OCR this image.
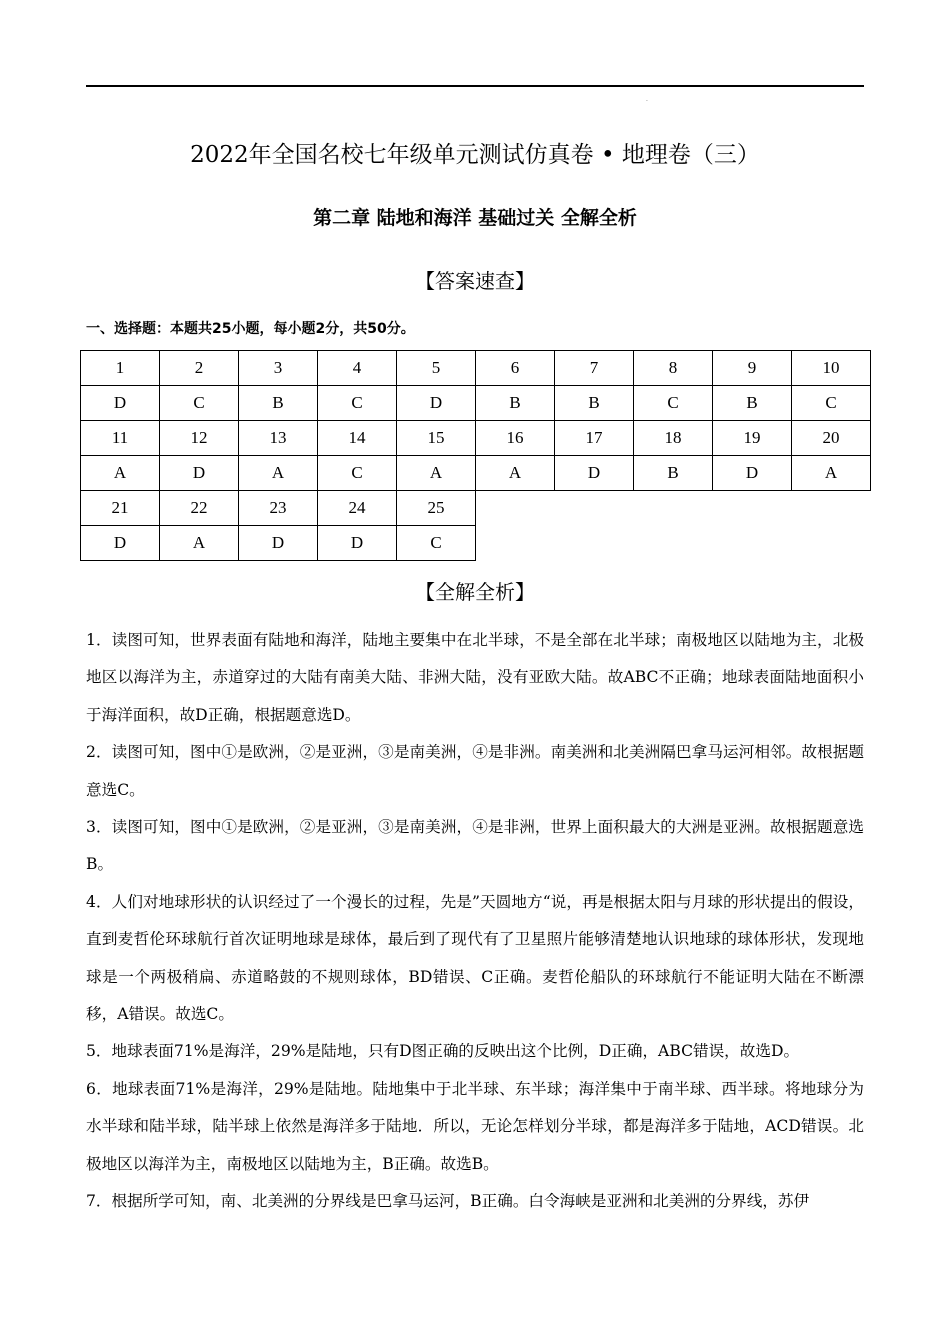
.
2022年全国名校七年级单元测试仿真卷 • 地理卷（三）
第二章 陆地和海洋 基础过关 全解全析
【答案速查】
一、选择题：本题共25小题，每小题2分，共50分。
1	2	3	4	5	6	7	8	9	10
D	C	B	C	D	B	B	C	B	C
11	12	13	14	15	16	17	18	19	20
A	D	A	C	A	A	D	B	D	A
21	22	23	24	25					
D	A	D	D	C					
【全解全析】

1．读图可知，世界表面有陆地和海洋，陆地主要集中在北半球，不是全部在北半球；南极地区以陆地为主，北极地区以海洋为主，赤道穿过的大陆有南美大陆、非洲大陆，没有亚欧大陆。故ABC不正确；地球表面陆地面积小于海洋面积，故D正确，根据题意选D。

2．读图可知，图中①是欧洲，②是亚洲，③是南美洲，④是非洲。南美洲和北美洲隔巴拿马运河相邻。故根据题意选C。

3．读图可知，图中①是欧洲，②是亚洲，③是南美洲，④是非洲，世界上面积最大的大洲是亚洲。故根据题意选B。

4．人们对地球形状的认识经过了一个漫长的过程，先是”天圆地方“说，再是根据太阳与月球的形状提出的假设，直到麦哲伦环球航行首次证明地球是球体，最后到了现代有了卫星照片能够清楚地认识地球的球体形状，发现地球是一个两极稍扁、赤道略鼓的不规则球体，BD错误、C正确。麦哲伦船队的环球航行不能证明大陆在不断漂移，A错误。故选C。

5．地球表面71%是海洋，29%是陆地，只有D图正确的反映出这个比例，D正确，ABC错误，故选D。

6．地球表面71%是海洋，29%是陆地。陆地集中于北半球、东半球；海洋集中于南半球、西半球。将地球分为水半球和陆半球，陆半球上依然是海洋多于陆地．所以，无论怎样划分半球，都是海洋多于陆地，ACD错误。北极地区以海洋为主，南极地区以陆地为主，B正确。故选B。

7．根据所学可知，南、北美洲的分界线是巴拿马运河，B正确。白令海峡是亚洲和北美洲的分界线，苏伊
